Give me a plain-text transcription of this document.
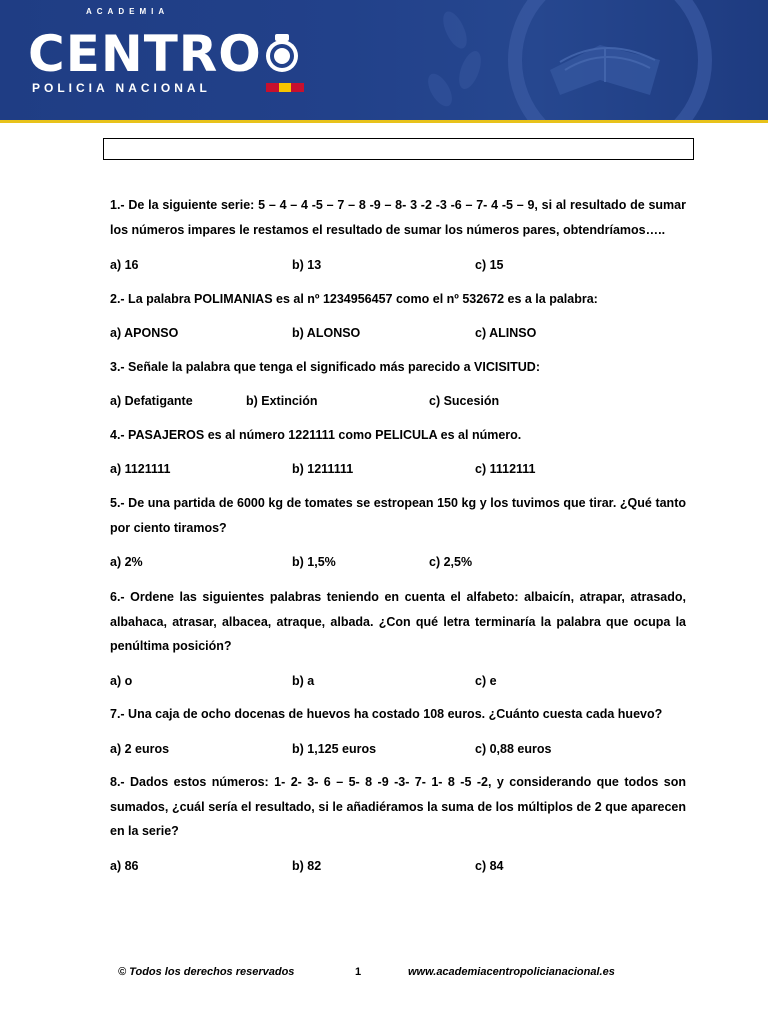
ACADEMIA
CENTRO
POLICIA NACIONAL
1.- De la siguiente serie: 5 – 4 – 4 -5 – 7 – 8 -9 – 8- 3 -2 -3 -6 – 7- 4 -5 – 9, si al resultado de sumar los números impares le restamos el resultado de sumar los números pares, obtendríamos…..
a) 16	b) 13	c) 15
2.- La palabra POLIMANIAS es al nº 1234956457 como el nº 532672 es a la palabra:
a) APONSO	b) ALONSO	c) ALINSO
3.- Señale la palabra que tenga el significado más parecido a VICISITUD:
a) Defatigante	b) Extinción	c) Sucesión
4.- PASAJEROS es al número 1221111 como PELICULA es al número.
a) 1121111	b) 1211111	c) 1112111
5.- De una partida de 6000 kg de tomates se estropean 150 kg y los tuvimos que tirar. ¿Qué tanto por ciento tiramos?
a) 2%	b) 1,5%	c) 2,5%
6.- Ordene las siguientes palabras teniendo en cuenta el alfabeto: albaicín, atrapar, atrasado, albahaca, atrasar, albacea, atraque, albada. ¿Con qué letra terminaría la palabra que ocupa la penúltima posición?
a) o	b) a	c) e
7.- Una caja de ocho docenas de huevos ha costado 108 euros. ¿Cuánto cuesta cada huevo?
a) 2 euros	b) 1,125 euros	c) 0,88 euros
8.- Dados estos números: 1- 2- 3- 6 – 5- 8 -9 -3- 7- 1- 8 -5 -2, y considerando que todos son sumados, ¿cuál sería el resultado, si le añadiéramos la suma de los múltiplos de 2 que aparecen en la serie?
a) 86	b) 82	c) 84
© Todos los derechos reservados	1	www.academiacentropolicianacional.es
